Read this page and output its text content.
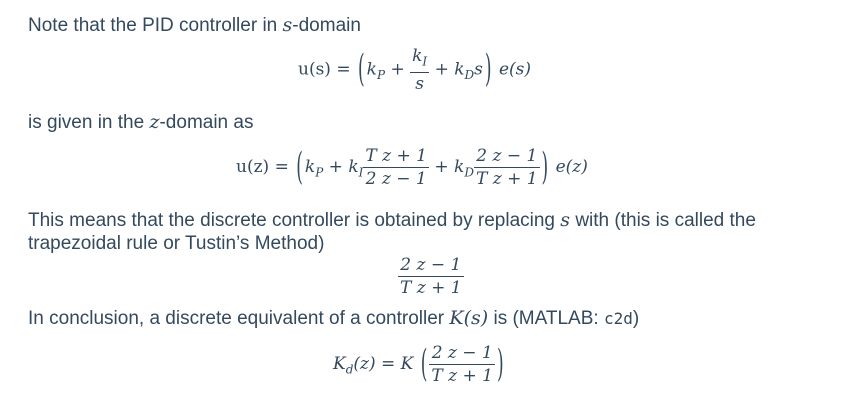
Note that the PID controller in s-domain
u(s) = ( $k_P + \frac{k_I}{s} + k_Ds$ ) e(s)
is given in the z-domain as
u(z) = ( $k_P + k_I \frac{\text{T z + 1}}{2 z - 1} + k_D \frac{2 z - 1}{\text{T z + 1}}$ ) e(z)
This means that the discrete controller is obtained by replacing s with (this is called the
trapezoidal rule or Tustin’s Method)
$\frac{2 z - 1}{\text{T z + 1}}$
In conclusion, a discrete equivalent of a controller K(s) is (MATLAB: c2d)
$K_d(z) = K$ ( $\frac{2 z - 1}{\text{T z + 1}}$ )
